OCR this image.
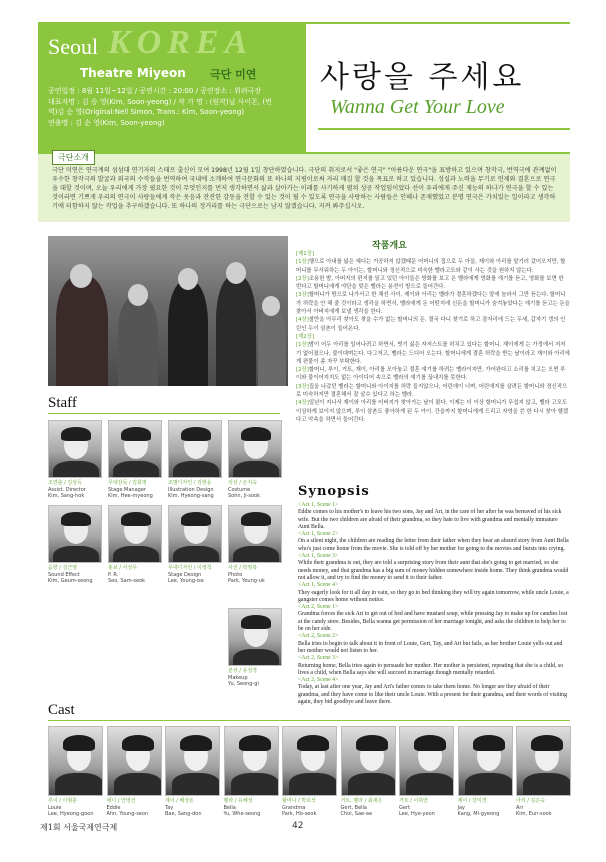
Seoul KOREA
Theatre Miyeon 극단 미연
공연일정 : 8월 11일~12일 / 공연시간 : 20:00 / 공연장소 : 위려극장
대표자명 : 김 승 영(Kim, Soon-yeong) / 작 가 명 : (원작)닐 사이몬, (번
역)김 순 영(Original:Nell Simon, Trans.: Kim, Soon-yeong)
연출명 : 김 순 영(Kim, Soon-yeong)
사랑을 주세요
Wanna Get Your Love
극단소개
극단 미연은 연극계의 섬섬대 연기자의 스태프 출신이 모여 1998년 12월 1일 창단하였습니다. 극단의 취지로서 "좋은 연극" "아름다운 연극"을 표방하고 있으며 창작극, 번역극에 관계없이 우수한 창작극의 발굴과 외국의 수작들을 번역하여 국내에 소개하여 연극문화의 또 하나의 지평이로써 자리 매김 할 것을 목표로 하고 있습니다. 성실과 노력을 무기로 언제와 결혼으로 연극을 대할 것이며, 오늘 우리에게 가장 필요한 것이 무엇인지를 먼저 생각하면서 삶과 살아가는 이래를 사기하게 펼쳐 성공 작업임이었다 선이 우리에게 주신 재능의 하나가 연극을 할 수 있는 것이라면 기쁘게 우리의 연극이 사랑들에게 작은 웃음과 잔잔한 감동을 전할 수 있는 것이 될 수 있도록 연극을 사랑하는 사람들은 인해나 존재했었고 분명 연극은 가치있는 일이라고 생각하기에 터함하지 않는 작업을 추구하겠습니다. 또 하나의 정거리를 하는 극단으로는 남지 않겠습니다. 지켜 봐주십시오.
작품개요

[제1장]

[1장]행으로 아내를 잃은 예디는 거공하지 않겠때문 어머니의 집으로 두 아들, 제이와 아리를 맡기러 갔어오지만, 할머니를 무서워하는 두 아이는, 할머니와 정신적으로 미숙한 벨라고모와 같이 사는 것을 원하지 않는다.

[2장]조용한 밤, 아버지의 편지를 읽고 있던 아이들은 방화를 보고 온 벨라에게 영화를 얘기를 듣고, 영화를 보면 한 번다고 할머니에게 야단을 맞은 벨라는 용전이 방으로 들어간다.

[3장]할머니가 방으로 나가서고 한 채선 사이, 제이와 아리는 벨라가 결혼하겠다는 말에 놀라서 그만 듣는다. 할머니가 허락을 안 해 줄 것이라고 생각을 하면서, 벨라에게 돈 어떤지에 신돈을 할머니가 숨겨놓았다는 얘기를 듣고는 돈을 찾아서 아버지에게 보낼 생각을 한다.

[4장]찰만을 아무리 찾아도 찾을 수가 없는 할머니의 돈. 결국 다니 찾기로 하고 잠자리에 드는 두세, 갑자기 갱의 인린인 두이 삼촌이 들어온다.

[제2장]

[1장]밤이 어두 아리를 일어나려고 하면서, 벗기 싫은 자저스트를 허치고 있다는 할머니. 재이에게 는 가정에서 저저기 없어졌으나, 불이대며는다. 다그저고, 벨라는 드디어 오는다. 할머니에게 결혼 허락을 받는 날이라고 재이와 아리에게 편물이 좀 자꾸 부탁한다.

[2장]할머니, 루이, 거트, 재이, 아리를 모아놓고 결혼 얘기를 하려는 벨라이지만, 가어완다고 소리를 치고는 오쩐 루이와 불이어지지도 없는 아이디어 속으로 벨라의 얘기를 끊내지를 못한다.

[3장]집을 나갔던 벨라는 할머니와 아이지를 허락 들지않으나, 어린애이 너며, 어린애지를 살려든 할머니와 정신적으로 미숙하지만 결혼해서 잘 살수 있다고 하는 벨라.

[4장]일년이 지나서 재이와 아리를 어버지가 찾아가는 날이 왔다. 이제는 더 이상 할머니가 무섭지 않고, 벨라 고모도 이상하게 보이지 않으며, 루이 삼촌도 좋아하게 된 두 아이. 간을까지 할머니에게 드리고 자영을 쓴 한 다시 찾아 헬겠다고 악속을 하면서 들어간다.

Staff
조연출 / 김상득
Assist. Director
Kim, Sang-hok
무대감독 / 김희영
Stage Manager
Kim, Hee-myeong
조명디자인 / 김현웅
Illustration Design
Kim, Hyeong-sang
의상 / 손지숙
Costume
Sohn, Ji-sook
음향 / 김근영
Sound Effect
Kim, Geum-seong
홍보 / 서성우
P. R.
Seo, Sam-seok
무대디자인 / 이영칙
Stage Design
Lee, Young-ise
사진 / 박영복
Photo
Park, Young-uk
분장 / 유성경
Makeup
Yu, Seong-gi
Synopsis
<Act 1, Scene 1>
Eddie comes to his mother's to leave his two sons, Jay and Ari, in the care of her after he was bereaved of his sick wife. But the two children are afraid of their grandma, so they hate to live with grandma and mentally immature Aunt Bella.
<Act 1, Scene 2>
On a silent night, the children are reading the letter from their father when they hear an absurd story from Aunt Bella who's just come home from the movie. She is told off by her mother for going to the movies and bursts into crying.
<Act 1, Scene 3>
While their grandma is out, they are told a surprising story from their aunt that she's going to get married, so she needs money, and that grandma has a big sum of money hidden somewhere inside home. They think grandma would not allow it, and try to find the money to send it to their father.
<Act 1, Scene 4>
They eagerly look for it all day in vain, so they go to bed thinking they will try again tomorrow, while uncle Louie, a gangster comes home without notice.
<Act 2, Scene 1>
Grandma forces the sick Ari to get out of bed and have mustard soup, while pressing Jay to make up for candies lost at the candy store. Besides, Bella wanna get permission of her marriage tonight, and asks the children to help her to be on her side.
<Act 2, Scene 2>
Bella tries to begin to talk about it in front of Louie, Gert, Tay, and Ari but fails, as her brother Louie yells out and her mother would not listen to her.
<Act 2, Scene 3>
Returning home, Bella tries again to persuade her mother. Her mother is persistent, repeating that she is a child, so lives a child, when Bella says she will succeed in marriage though mentally retarded.
<Act 2, Scene 4>
Today, at last after one year, Jay and Ari's father comes to take them home. No longer are they afraid of their grandma, and they have come to like their uncle Louie. With a present for their grandma, and their words of visiting again, they bid goodbye and leave there.
Cast
루이 / 이형훈
Louie
Lee, Hyeong-goon
에디 / 안영선
Eddie
Ahn, Young-seon
제이 / 배상돈
Tay
Bae, Sang-don
벨라 / 유혜성
Bella
Yu, Whe-seong
할머니 / 박호석
Grandma
Park, Ho-seok
거트, 벨라 / 최새은
Gert, Bella
Choi, Sae-ae
거트 / 이하연
Gert
Lee, Hye-yeon
제이 / 강미경
Jay
Kang, Mi-gyeong
아리 / 김은숙
Ari
Kim, Eun-sook
제1회 서울국제연극제	42
